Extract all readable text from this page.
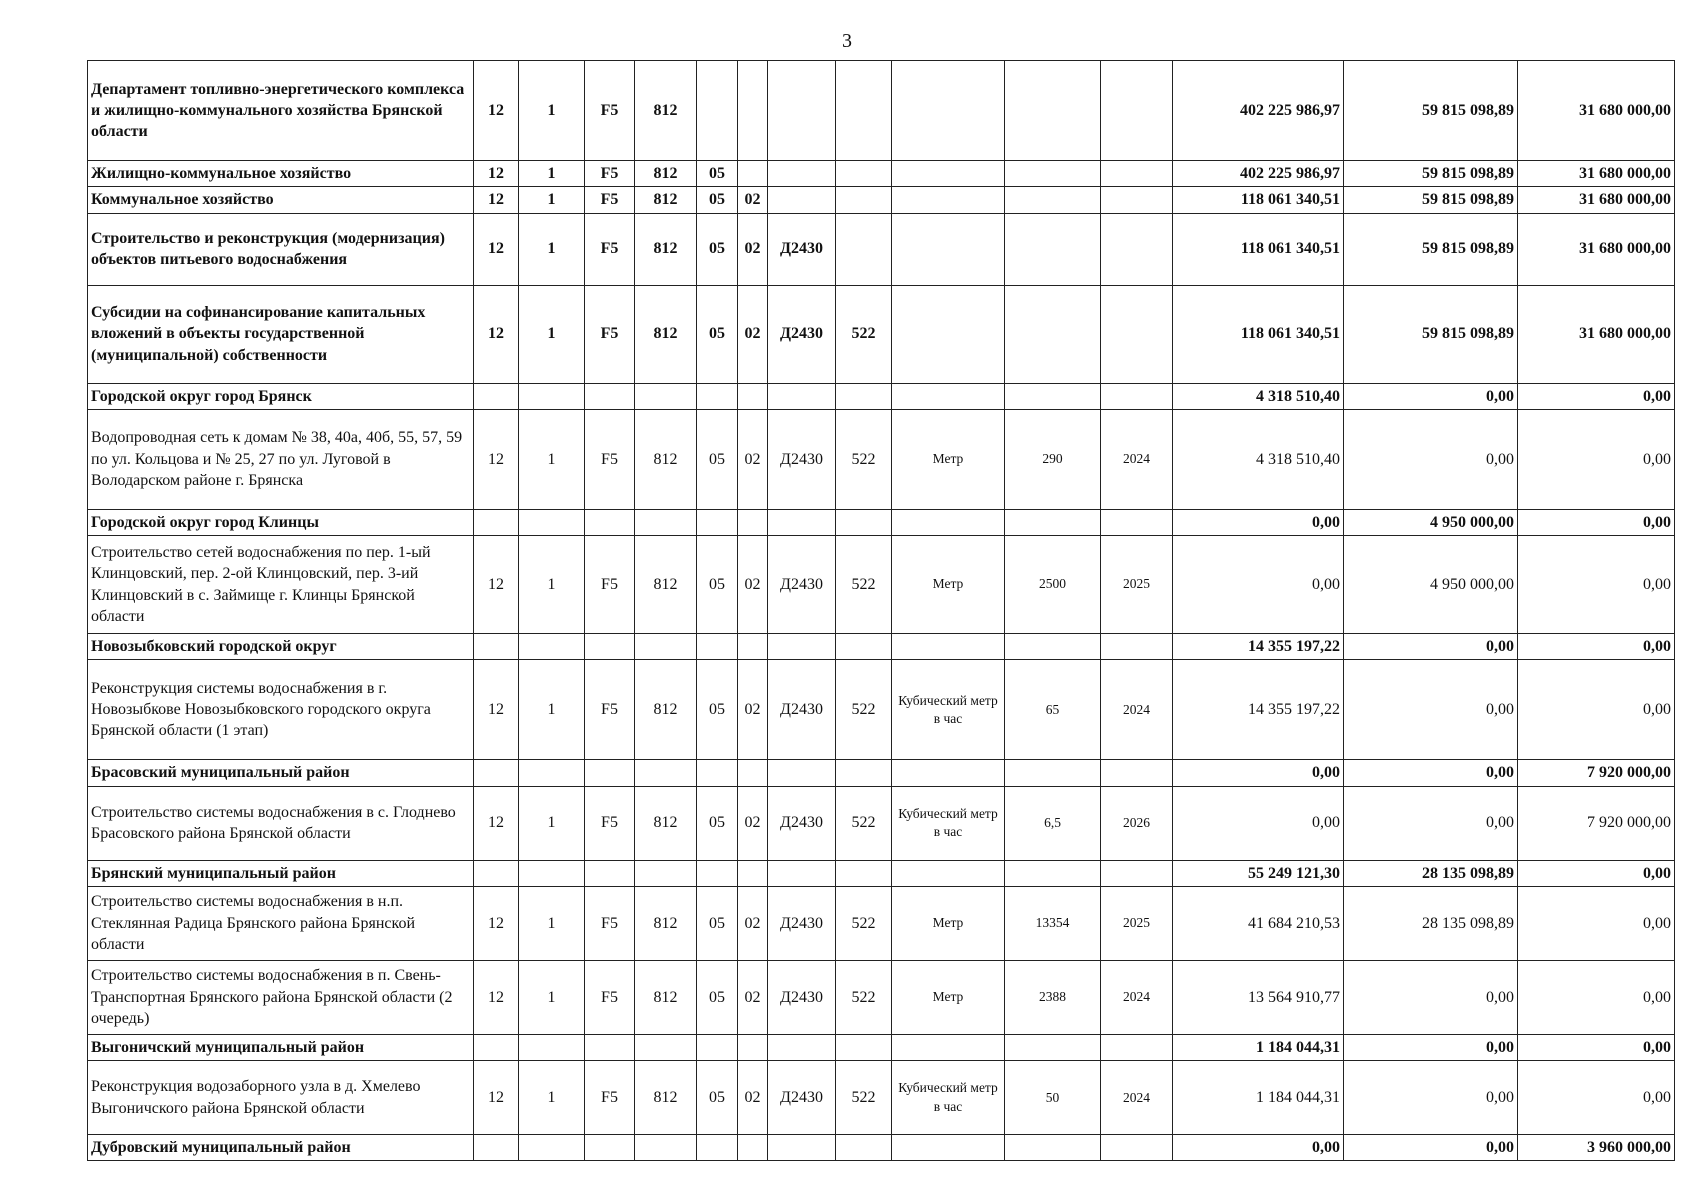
3
Департамент топливно-энергетического комплекса и жилищно-коммунального хозяйства Брянской области	12	1	F5	812								402 225 986,97	59 815 098,89	31 680 000,00
Жилищно-коммунальное хозяйство	12	1	F5	812	05							402 225 986,97	59 815 098,89	31 680 000,00
Коммунальное хозяйство	12	1	F5	812	05	02						118 061 340,51	59 815 098,89	31 680 000,00
Строительство и реконструкция (модернизация) объектов питьевого водоснабжения	12	1	F5	812	05	02	Д2430					118 061 340,51	59 815 098,89	31 680 000,00
Субсидии на софинансирование капитальных вложений в объекты государственной (муниципальной) собственности	12	1	F5	812	05	02	Д2430	522				118 061 340,51	59 815 098,89	31 680 000,00
Городской округ город Брянск												4 318 510,40	0,00	0,00
Водопроводная сеть к домам № 38, 40а, 40б, 55, 57, 59 по ул. Кольцова и № 25, 27 по ул. Луговой в Володарском районе г. Брянска	12	1	F5	812	05	02	Д2430	522	Метр	290	2024	4 318 510,40	0,00	0,00
Городской округ город Клинцы												0,00	4 950 000,00	0,00
Строительство сетей водоснабжения по пер. 1-ый Клинцовский, пер. 2-ой Клинцовский, пер. 3-ий Клинцовский в с. Займище г. Клинцы Брянской области	12	1	F5	812	05	02	Д2430	522	Метр	2500	2025	0,00	4 950 000,00	0,00
Новозыбковский городской округ												14 355 197,22	0,00	0,00
Реконструкция системы водоснабжения в г. Новозыбкове Новозыбковского городского округа Брянской области (1 этап)	12	1	F5	812	05	02	Д2430	522	Кубический метр в час	65	2024	14 355 197,22	0,00	0,00
Брасовский муниципальный район												0,00	0,00	7 920 000,00
Строительство системы водоснабжения в с. Глоднево Брасовского района Брянской области	12	1	F5	812	05	02	Д2430	522	Кубический метр в час	6,5	2026	0,00	0,00	7 920 000,00
Брянский муниципальный район												55 249 121,30	28 135 098,89	0,00
Строительство системы водоснабжения в н.п. Стеклянная Радица Брянского района Брянской области	12	1	F5	812	05	02	Д2430	522	Метр	13354	2025	41 684 210,53	28 135 098,89	0,00
Строительство системы водоснабжения в п. Свень-Транспортная Брянского района Брянской области (2 очередь)	12	1	F5	812	05	02	Д2430	522	Метр	2388	2024	13 564 910,77	0,00	0,00
Выгоничский муниципальный район												1 184 044,31	0,00	0,00
Реконструкция водозаборного узла в д. Хмелево Выгоничского района Брянской области	12	1	F5	812	05	02	Д2430	522	Кубический метр в час	50	2024	1 184 044,31	0,00	0,00
Дубровский муниципальный район												0,00	0,00	3 960 000,00
